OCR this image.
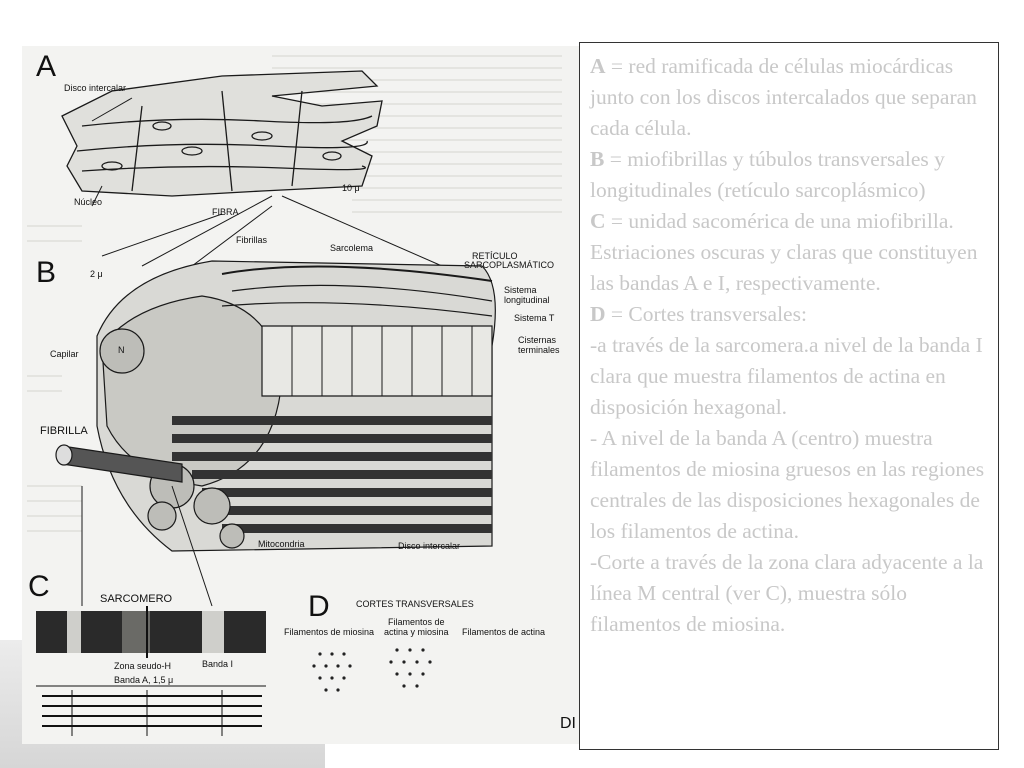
A
Disco intercalar
Núcleo
10 μ
FIBRA
Fibrillas
Sarcolema
RETÍCULO
SARCOPLASMÁTICO
Sistema
longitudinal
Sistema T
Cisternas
terminales
B	2 μ
Capilar	N
FIBRILLA
Mitocondria	Disco intercalar
C	SARCOMERO
Zona seudo-H	Banda I
Banda A, 1,5 μ
D	CORTES TRANSVERSALES
Filamentos de miosina
Filamentos de
actina y miosina Filamentos de actina
DI
A = red ramificada de células miocárdicas junto con los discos intercalados que separan cada célula.
B = miofibrillas y túbulos transversales y longitudinales (retículo sarcoplásmico)
C = unidad sacomérica de una miofibrilla. Estriaciones oscuras y claras que constituyen las bandas A e I, respectivamente.
D = Cortes transversales:
-a través de la sarcomera.a nivel de la banda I clara que muestra filamentos de actina en disposición hexagonal.
- A nivel de la banda A (centro) muestra filamentos de miosina gruesos en las regiones centrales de las disposiciones hexagonales de los filamentos de actina.
-Corte a través de la zona clara adyacente a la línea M central (ver C), muestra sólo filamentos de miosina.
